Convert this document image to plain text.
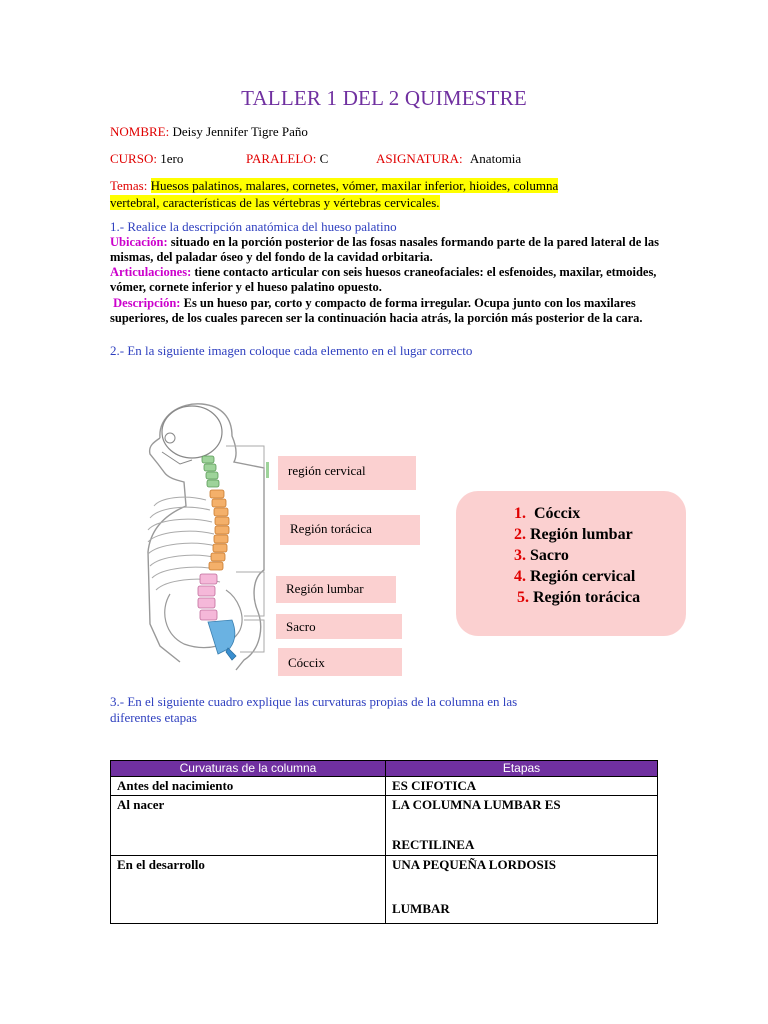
TALLER 1 DEL 2 QUIMESTRE
NOMBRE: Deisy Jennifer Tigre Paño
CURSO: 1ero	PARALELO: C	ASIGNATURA: Anatomia
Temas: Huesos palatinos, malares, cornetes, vómer, maxilar inferior, hioides, columna
vertebral, características de las vértebras y vértebras cervicales.
1.- Realice la descripción anatómica del hueso palatino
Ubicación: situado en la porción posterior de las fosas nasales formando parte de la pared lateral de las mismas, del paladar óseo y del fondo de la cavidad orbitaria.
Articulaciones: tiene contacto articular con seis huesos craneofaciales: el esfenoides, maxilar, etmoides, vómer, cornete inferior y el hueso palatino opuesto.
Descripción: Es un hueso par, corto y compacto de forma irregular. Ocupa junto con los maxilares superiores, de los cuales parecen ser la continuación hacia atrás, la porción más posterior de la cara.
2.- En la siguiente imagen coloque cada elemento en el lugar correcto
región cervical
Región torácica
Región lumbar
Sacro
Cóccix
1. Cóccix
2. Región lumbar
3. Sacro
4. Región cervical
5. Región torácica
3.- En el siguiente cuadro explique las curvaturas propias de la columna en las
diferentes etapas
Curvaturas de la columna	Etapas
Antes del nacimiento	ES CIFOTICA
Al nacer	LA COLUMNA LUMBAR ES
RECTILINEA

En el desarrollo	UNA PEQUEÑA LORDOSIS
LUMBAR
